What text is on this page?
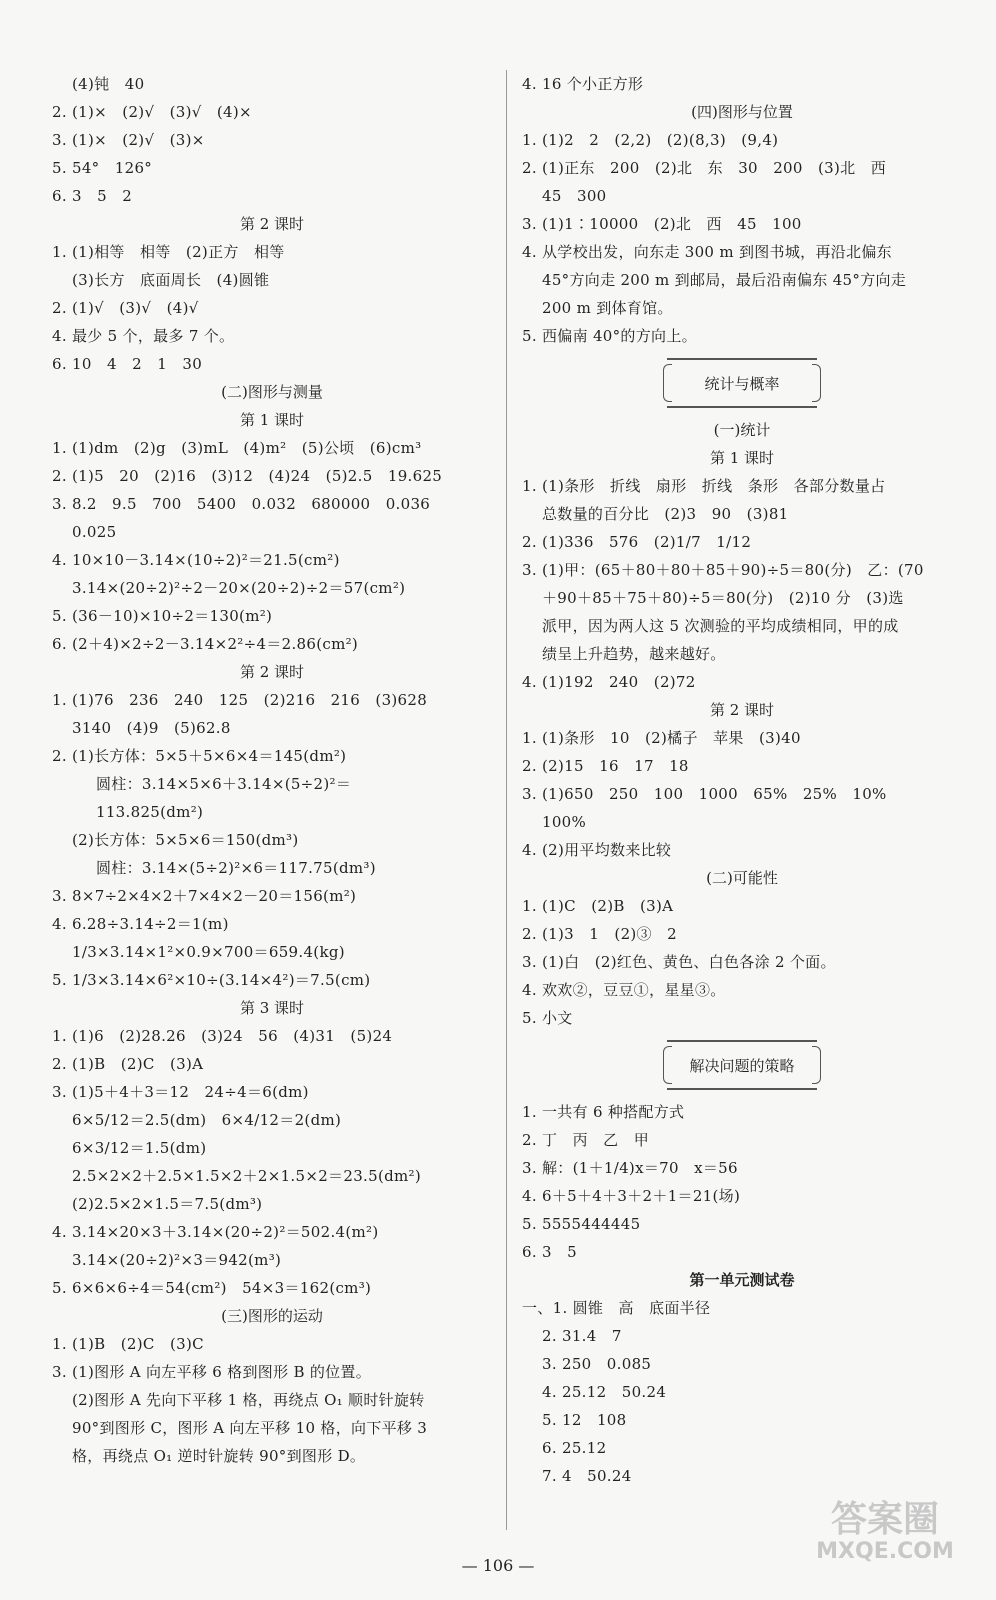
(4)钝　40
2. (1)×　(2)√　(3)√　(4)×
3. (1)×　(2)√　(3)×
5. 54°　126°
6. 3　5　2
第 2 课时
1. (1)相等　相等　(2)正方　相等
(3)长方　底面周长　(4)圆锥
2. (1)√　(3)√　(4)√
4. 最少 5 个，最多 7 个。
6. 10　4　2　1　30
(二)图形与测量
第 1 课时
1. (1)dm　(2)g　(3)mL　(4)m²　(5)公顷　(6)cm³
2. (1)5　20　(2)16　(3)12　(4)24　(5)2.5　19.625
3. 8.2　9.5　700　5400　0.032　680000　0.036
0.025
4. 10×10－3.14×(10÷2)²＝21.5(cm²)
3.14×(20÷2)²÷2－20×(20÷2)÷2＝57(cm²)
5. (36－10)×10÷2＝130(m²)
6. (2＋4)×2÷2－3.14×2²÷4＝2.86(cm²)
第 2 课时
1. (1)76　236　240　125　(2)216　216　(3)628
3140　(4)9　(5)62.8
2. (1)长方体：5×5＋5×6×4＝145(dm²)
圆柱：3.14×5×6＋3.14×(5÷2)²＝
113.825(dm²)
(2)长方体：5×5×6＝150(dm³)
圆柱：3.14×(5÷2)²×6＝117.75(dm³)
3. 8×7÷2×4×2＋7×4×2－20＝156(m²)
4. 6.28÷3.14÷2＝1(m)
1/3×3.14×1²×0.9×700＝659.4(kg)
5. 1/3×3.14×6²×10÷(3.14×4²)＝7.5(cm)
第 3 课时
1. (1)6　(2)28.26　(3)24　56　(4)31　(5)24
2. (1)B　(2)C　(3)A
3. (1)5＋4＋3＝12　24÷4＝6(dm)
6×5/12＝2.5(dm)　6×4/12＝2(dm)
6×3/12＝1.5(dm)
2.5×2×2＋2.5×1.5×2＋2×1.5×2＝23.5(dm²)
(2)2.5×2×1.5＝7.5(dm³)
4. 3.14×20×3＋3.14×(20÷2)²＝502.4(m²)
3.14×(20÷2)²×3＝942(m³)
5. 6×6×6÷4＝54(cm²)　54×3＝162(cm³)
(三)图形的运动
1. (1)B　(2)C　(3)C
3. (1)图形 A 向左平移 6 格到图形 B 的位置。
(2)图形 A 先向下平移 1 格，再绕点 O₁ 顺时针旋转
90°到图形 C，图形 A 向左平移 10 格，向下平移 3
格，再绕点 O₁ 逆时针旋转 90°到图形 D。
4. 16 个小正方形
(四)图形与位置
1. (1)2　2　(2,2)　(2)(8,3)　(9,4)
2. (1)正东　200　(2)北　东　30　200　(3)北　西
45　300
3. (1)1∶10000　(2)北　西　45　100
4. 从学校出发，向东走 300 m 到图书城，再沿北偏东
45°方向走 200 m 到邮局，最后沿南偏东 45°方向走
200 m 到体育馆。
5. 西偏南 40°的方向上。
统计与概率
(一)统计
第 1 课时
1. (1)条形　折线　扇形　折线　条形　各部分数量占
总数量的百分比　(2)3　90　(3)81
2. (1)336　576　(2)1/7　1/12
3. (1)甲：(65＋80＋80＋85＋90)÷5＝80(分)　乙：(70
＋90＋85＋75＋80)÷5＝80(分)　(2)10 分　(3)选
派甲，因为两人这 5 次测验的平均成绩相同，甲的成
绩呈上升趋势，越来越好。
4. (1)192　240　(2)72
第 2 课时
1. (1)条形　10　(2)橘子　苹果　(3)40
2. (2)15　16　17　18
3. (1)650　250　100　1000　65%　25%　10%
100%
4. (2)用平均数来比较
(二)可能性
1. (1)C　(2)B　(3)A
2. (1)3　1　(2)③　2
3. (1)白　(2)红色、黄色、白色各涂 2 个面。
4. 欢欢②，豆豆①，星星③。
5. 小文
解决问题的策略
1. 一共有 6 种搭配方式
2. 丁　丙　乙　甲
3. 解：(1＋1/4)x＝70　x＝56
4. 6＋5＋4＋3＋2＋1＝21(场)
5. 5555444445
6. 3　5
第一单元测试卷
一、1. 圆锥　高　底面半径
2. 31.4　7
3. 250　0.085
4. 25.12　50.24
5. 12　108
6. 25.12
7. 4　50.24
— 106 —
答案圈
MXQE.COM
